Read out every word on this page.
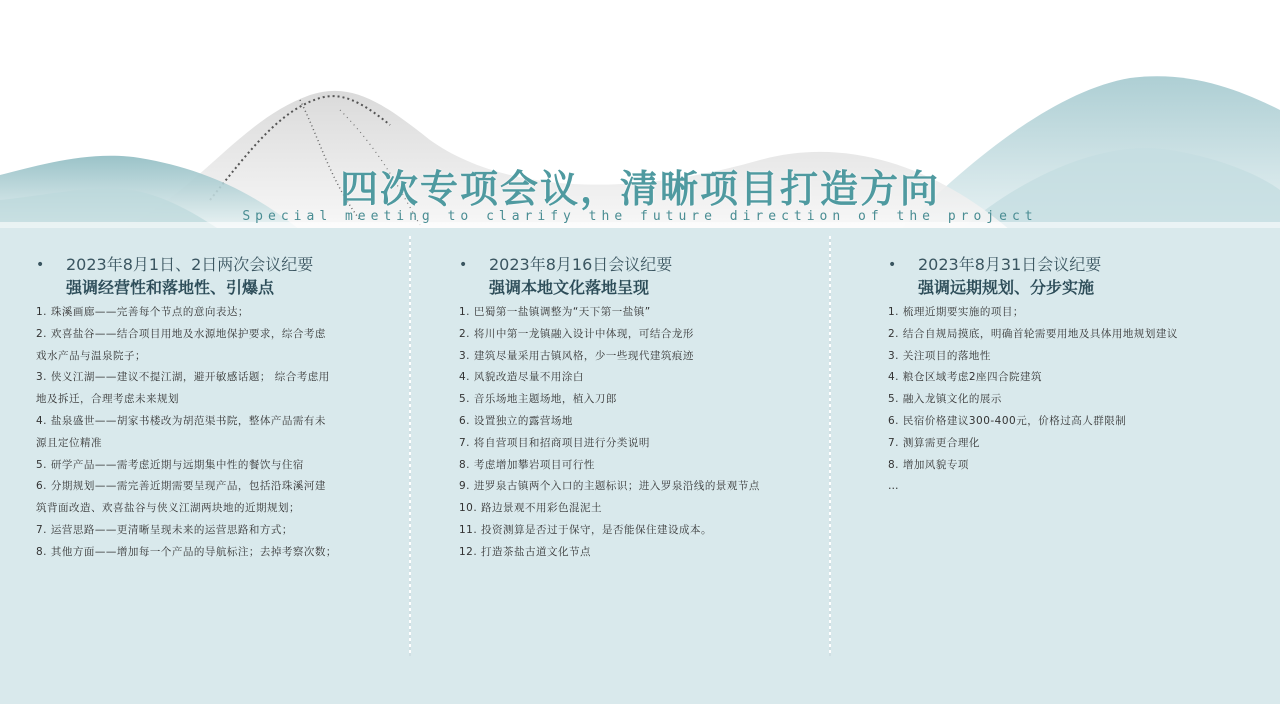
四次专项会议，清晰项目打造方向
Special meeting to clarify the future direction of the project
• 2023年8月1日、2日两次会议纪要
强调经营性和落地性、引爆点
1. 珠溪画廊——完善每个节点的意向表达；
2. 欢喜盐谷——结合项目用地及水源地保护要求，综合考虑
戏水产品与温泉院子；
3. 侠义江湖——建议不提江湖，避开敏感话题； 综合考虑用
地及拆迁，合理考虑未来规划
4. 盐泉盛世——胡家书楼改为胡范渠书院，整体产品需有未
源且定位精准
5. 研学产品——需考虑近期与远期集中性的餐饮与住宿
6. 分期规划——需完善近期需要呈现产品，包括沿珠溪河建
筑背面改造、欢喜盐谷与侠义江湖两块地的近期规划；
7. 运营思路——更清晰呈现未来的运营思路和方式；
8. 其他方面——增加每一个产品的导航标注；去掉考察次数；
• 2023年8月16日会议纪要
强调本地文化落地呈现
1. 巴蜀第一盐镇调整为“天下第一盐镇”
2. 将川中第一龙镇融入设计中体现，可结合龙形
3. 建筑尽量采用古镇风格，少一些现代建筑痕迹
4. 风貌改造尽量不用涂白
5. 音乐场地主题场地，植入刀郎
6. 设置独立的露营场地
7. 将自营项目和招商项目进行分类说明
8. 考虑增加攀岩项目可行性
9. 进罗泉古镇两个入口的主题标识；进入罗泉沿线的景观节点
10. 路边景观不用彩色混泥土
11. 投资测算是否过于保守，是否能保住建设成本。
12. 打造茶盐古道文化节点
• 2023年8月31日会议纪要
强调远期规划、分步实施
1. 梳理近期要实施的项目；
2. 结合自规局摸底，明确首轮需要用地及具体用地规划建议
3. 关注项目的落地性
4. 粮仓区域考虑2座四合院建筑
5. 融入龙镇文化的展示
6. 民宿价格建议300-400元，价格过高人群限制
7. 测算需更合理化
8. 增加风貌专项
…
